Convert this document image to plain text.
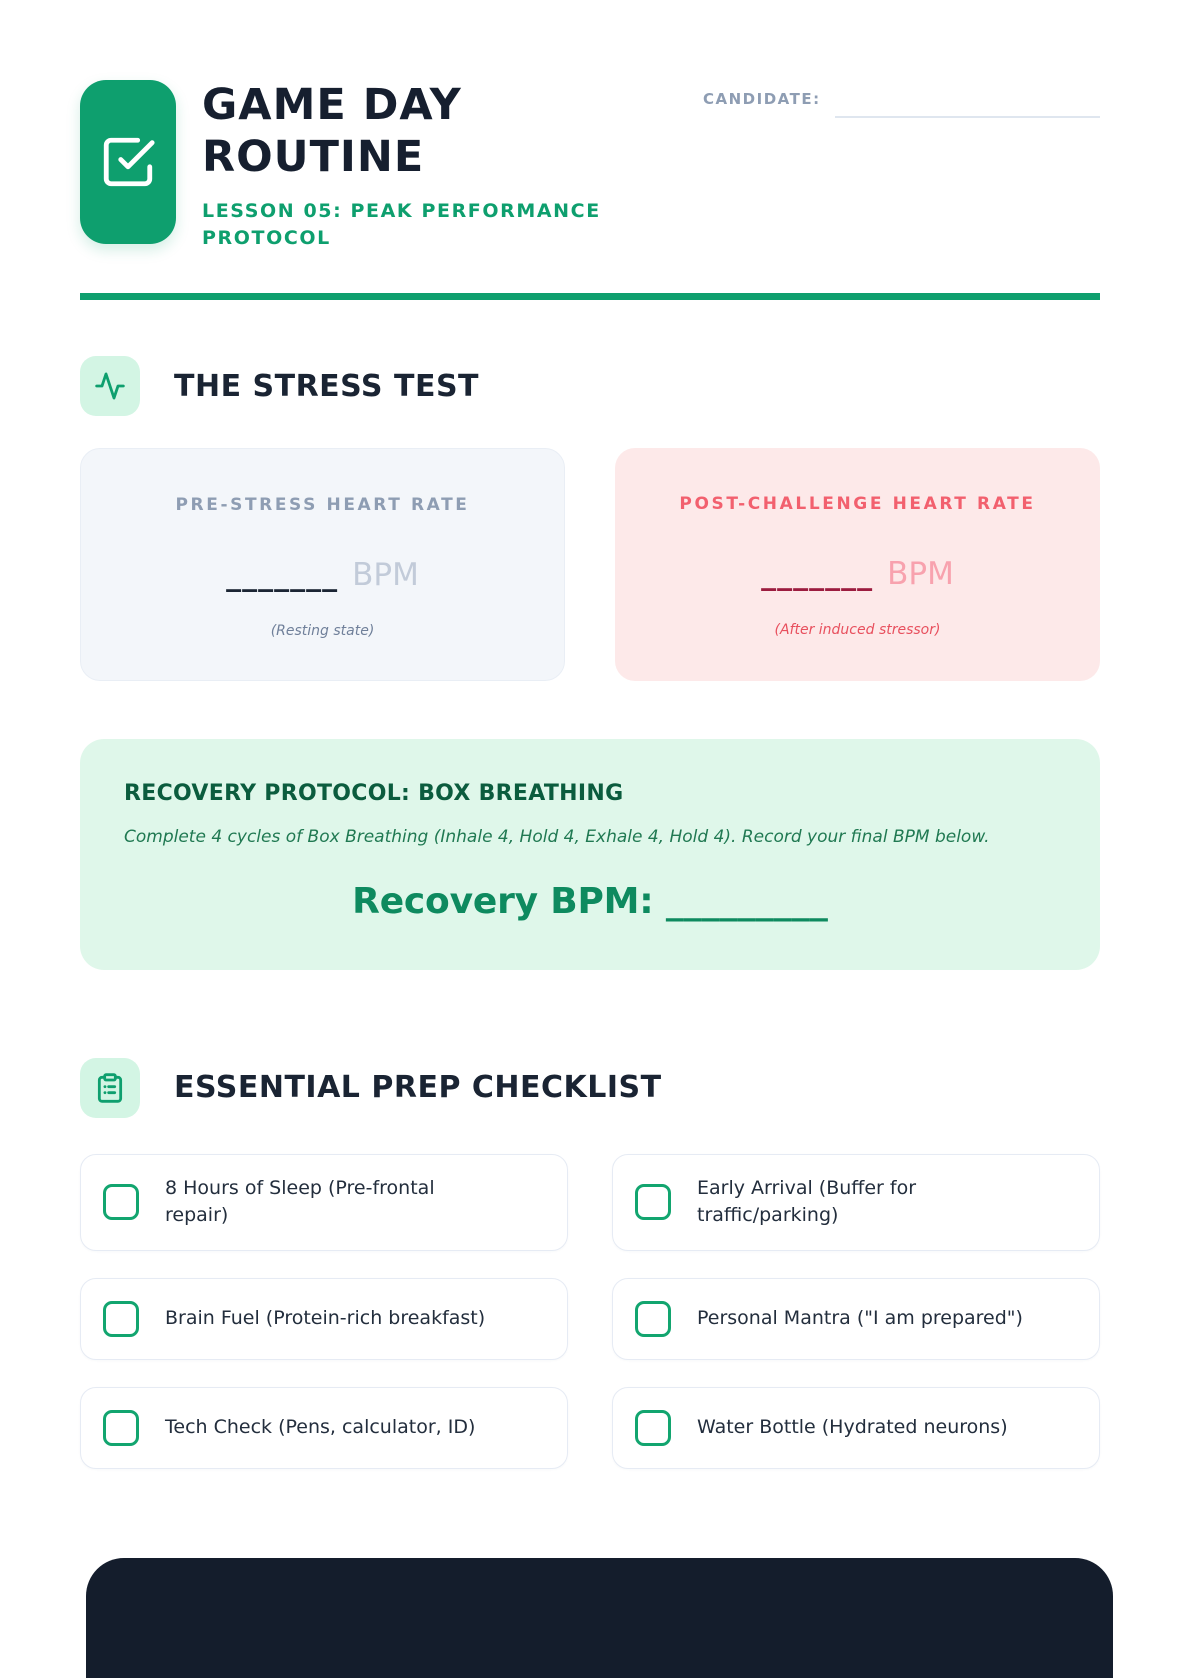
GAME DAY
ROUTINE
LESSON 05: PEAK PERFORMANCE PROTOCOL
CANDIDATE:
THE STRESS TEST
PRE-STRESS HEART RATE
_______ BPM
(Resting state)
POST-CHALLENGE HEART RATE
_______ BPM
(After induced stressor)
RECOVERY PROTOCOL: BOX BREATHING
Complete 4 cycles of Box Breathing (Inhale 4, Hold 4, Exhale 4, Hold 4). Record your final BPM below.
Recovery BPM: _________
ESSENTIAL PREP CHECKLIST
8 Hours of Sleep (Pre-frontal repair)
Early Arrival (Buffer for traffic/parking)
Brain Fuel (Protein-rich breakfast)	Personal Mantra ("I am prepared")
Tech Check (Pens, calculator, ID)	Water Bottle (Hydrated neurons)
